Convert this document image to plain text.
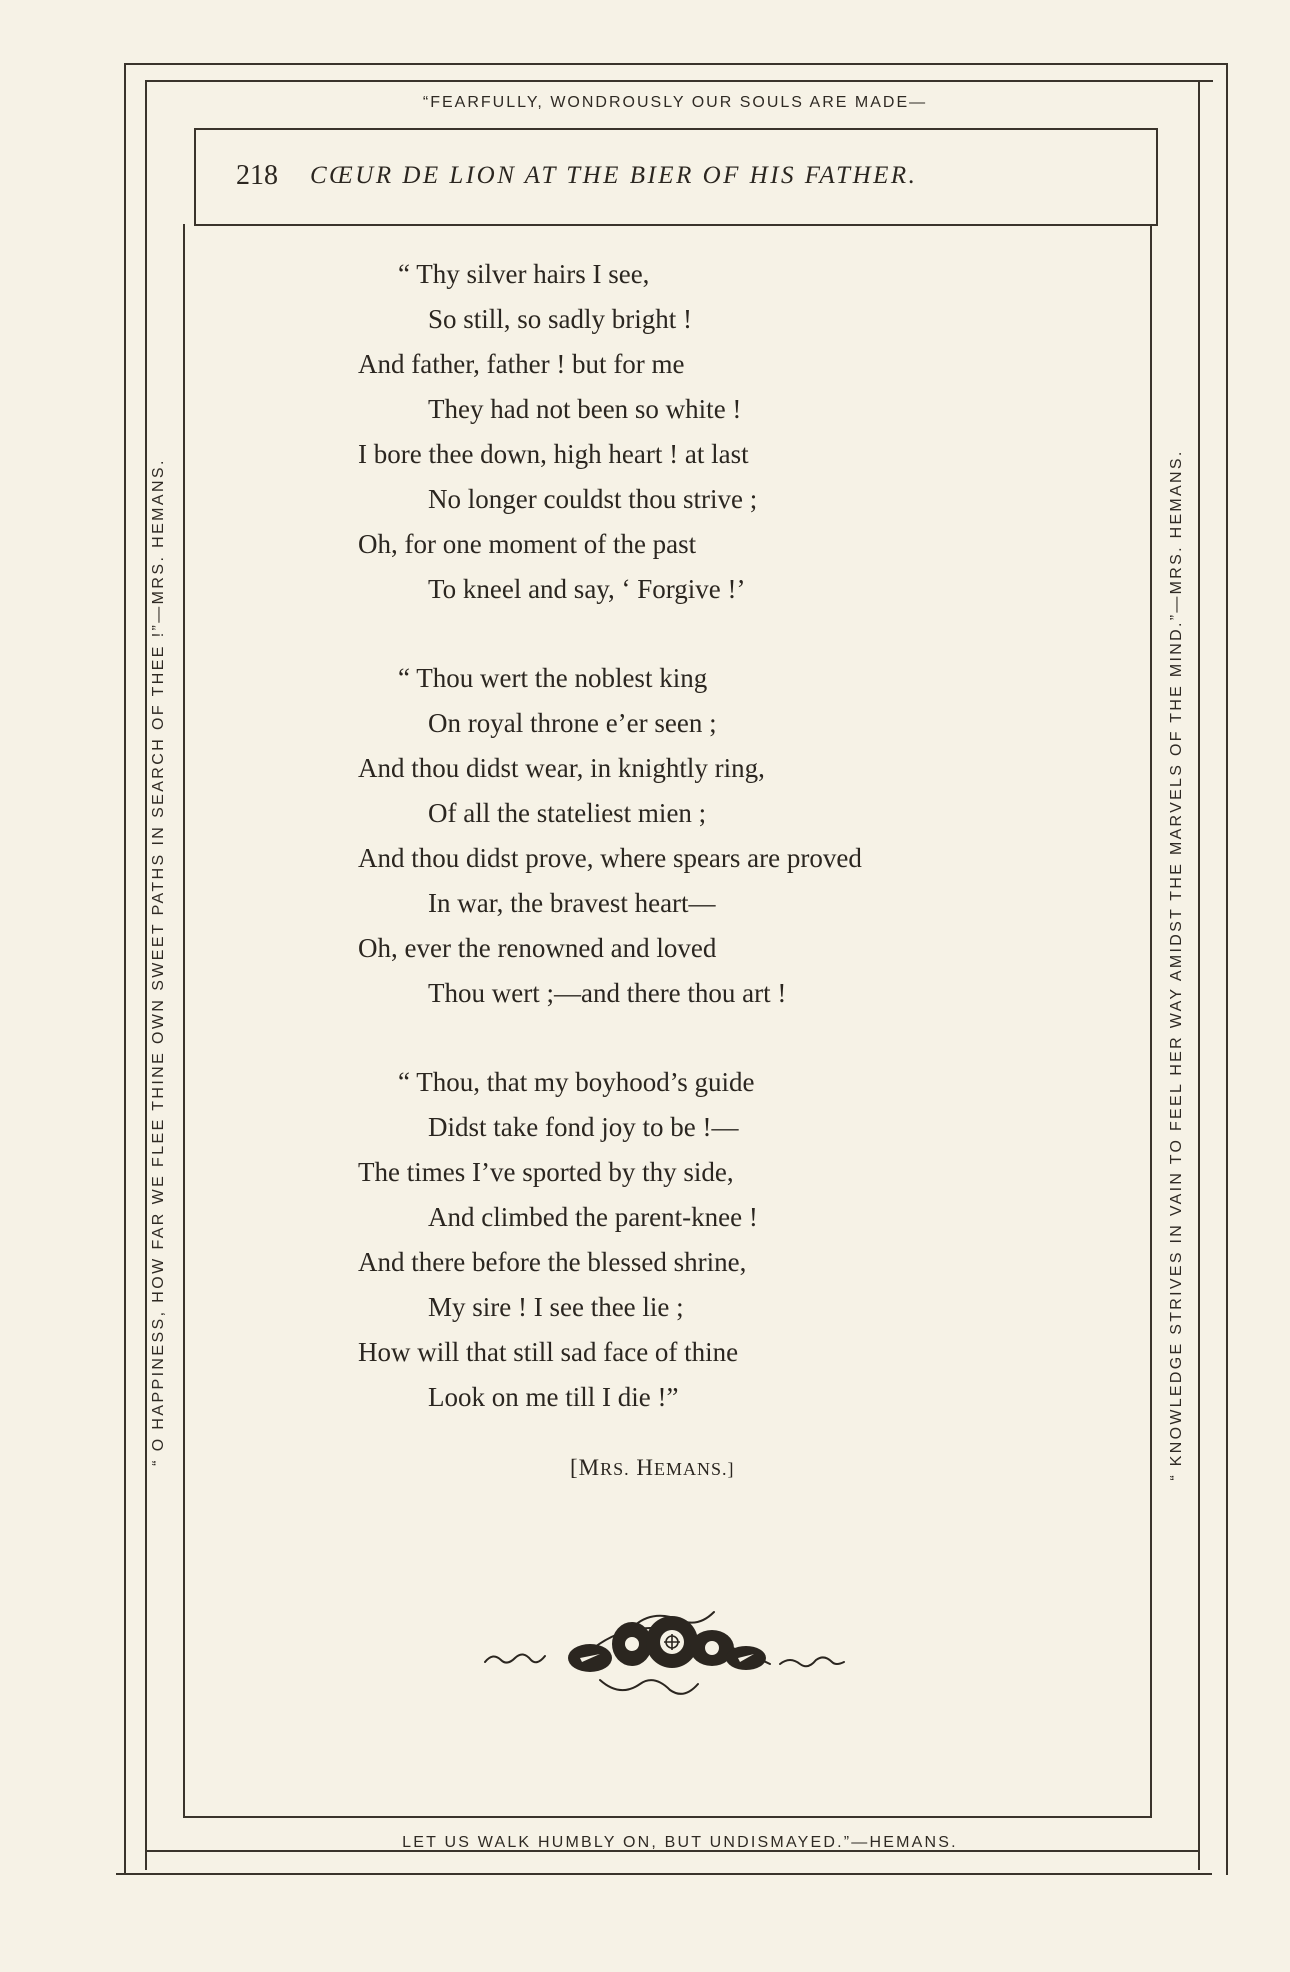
“FEARFULLY, WONDROUSLY OUR SOULS ARE MADE—
LET US WALK HUMBLY ON, BUT UNDISMAYED.”—HEMANS.
“ O HAPPINESS, HOW FAR WE FLEE THINE OWN SWEET PATHS IN SEARCH OF THEE !”—MRS. HEMANS.	“ KNOWLEDGE STRIVES IN VAIN TO FEEL HER WAY AMIDST THE MARVELS OF THE MIND.”—MRS. HEMANS.
218 CŒUR DE LION AT THE BIER OF HIS FATHER.
“ Thy silver hairs I see,
So still, so sadly bright !
And father, father ! but for me
They had not been so white !
I bore thee down, high heart ! at last
No longer couldst thou strive ;
Oh, for one moment of the past
To kneel and say, ‘ Forgive !’
“ Thou wert the noblest king
On royal throne e’er seen ;
And thou didst wear, in knightly ring,
Of all the stateliest mien ;
And thou didst prove, where spears are proved
In war, the bravest heart—
Oh, ever the renowned and loved
Thou wert ;—and there thou art !
“ Thou, that my boyhood’s guide
Didst take fond joy to be !—
The times I’ve sported by thy side,
And climbed the parent-knee !
And there before the blessed shrine,
My sire ! I see thee lie ;
How will that still sad face of thine
Look on me till I die !”
[MRS. HEMANS.]
